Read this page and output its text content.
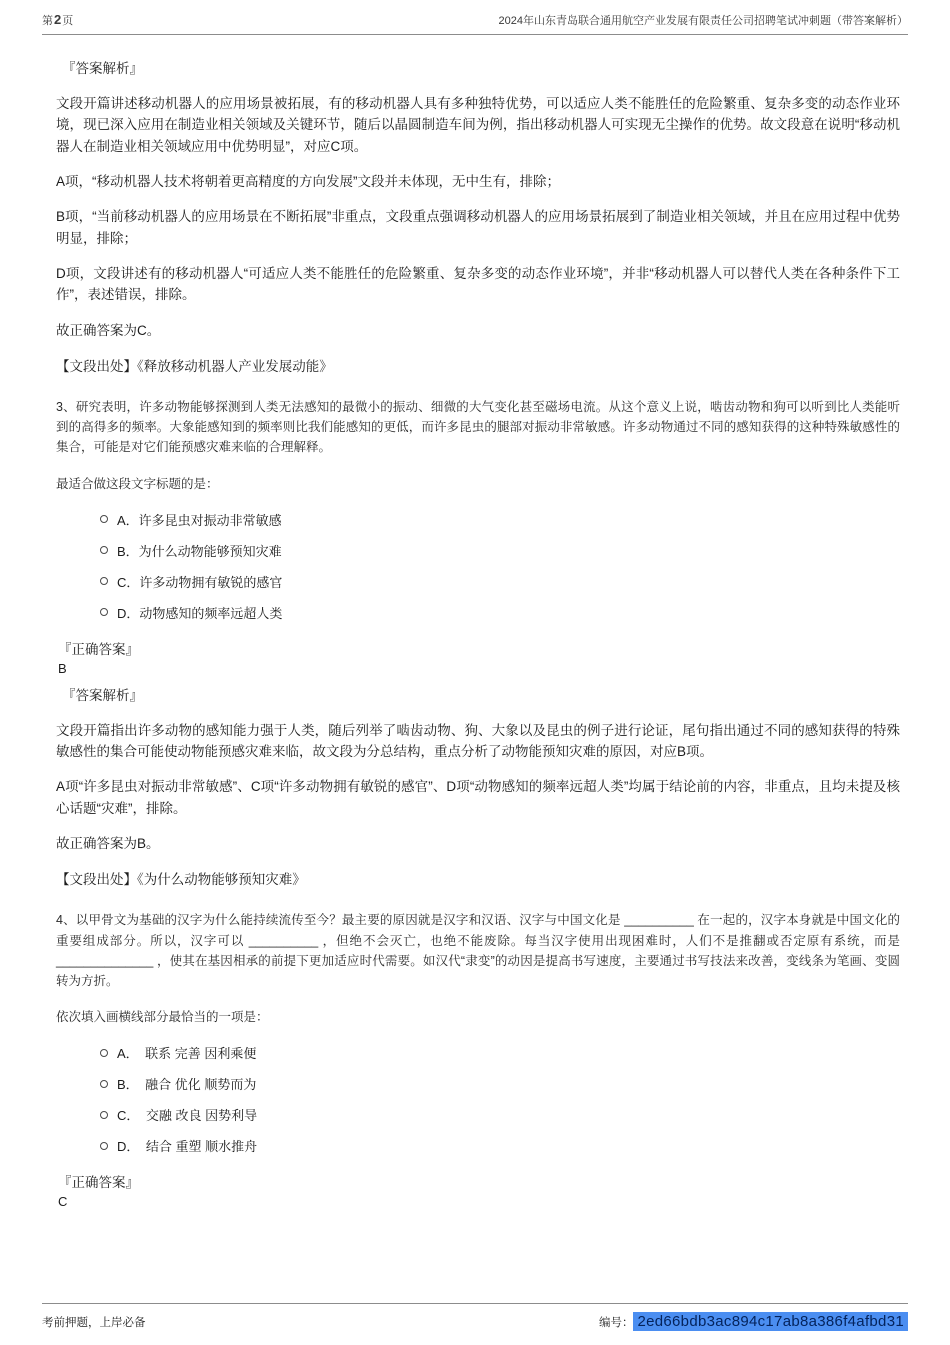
第2页	2024年山东青岛联合通用航空产业发展有限责任公司招聘笔试冲刺题（带答案解析）
『答案解析』

文段开篇讲述移动机器人的应用场景被拓展，有的移动机器人具有多种独特优势，可以适应人类不能胜任的危险繁重、复杂多变的动态作业环境，现已深入应用在制造业相关领域及关键环节，随后以晶圆制造车间为例，指出移动机器人可实现无尘操作的优势。故文段意在说明“移动机器人在制造业相关领域应用中优势明显”，对应C项。

A项，“移动机器人技术将朝着更高精度的方向发展”文段并未体现，无中生有，排除；

B项，“当前移动机器人的应用场景在不断拓展”非重点，文段重点强调移动机器人的应用场景拓展到了制造业相关领域，并且在应用过程中优势明显，排除；

D项，文段讲述有的移动机器人“可适应人类不能胜任的危险繁重、复杂多变的动态作业环境”，并非“移动机器人可以替代人类在各种条件下工作”，表述错误，排除。

故正确答案为C。

【文段出处】《释放移动机器人产业发展动能》

3、研究表明，许多动物能够探测到人类无法感知的最微小的振动、细微的大气变化甚至磁场电流。从这个意义上说，啮齿动物和狗可以听到比人类能听到的高得多的频率。大象能感知到的频率则比我们能感知的更低，而许多昆虫的腿部对振动非常敏感。许多动物通过不同的感知获得的这种特殊敏感性的集合，可能是对它们能预感灾难来临的合理解释。

最适合做这段文字标题的是：

A．许多昆虫对振动非常敏感
B．为什么动物能够预知灾难
C．许多动物拥有敏锐的感官
D．动物感知的频率远超人类
『正确答案』
B
『答案解析』

文段开篇指出许多动物的感知能力强于人类，随后列举了啮齿动物、狗、大象以及昆虫的例子进行论证，尾句指出通过不同的感知获得的特殊敏感性的集合可能使动物能预感灾难来临，故文段为分总结构，重点分析了动物能预知灾难的原因，对应B项。

A项“许多昆虫对振动非常敏感”、C项“许多动物拥有敏锐的感官”、D项“动物感知的频率远超人类”均属于结论前的内容，非重点，且均未提及核心话题“灾难”，排除。

故正确答案为B。

【文段出处】《为什么动物能够预知灾难》

4、以甲骨文为基础的汉字为什么能持续流传至今？最主要的原因就是汉字和汉语、汉字与中国文化是 __________ 在一起的，汉字本身就是中国文化的重要组成部分。所以，汉字可以 __________ ，但绝不会灭亡，也绝不能废除。每当汉字使用出现困难时，人们不是推翻或否定原有系统，而是 ______________ ，使其在基因相承的前提下更加适应时代需要。如汉代“隶变”的动因是提高书写速度，主要通过书写技法来改善，变线条为笔画、变圆转为方折。

依次填入画横线部分最恰当的一项是：

A．　联系 完善 因利乘便
B．　融合 优化 顺势而为
C．　交融 改良 因势利导
D．　结合 重塑 顺水推舟
『正确答案』
C
考前押题，上岸必备	编号： 2ed66bdb3ac894c17ab8a386f4afbd31
